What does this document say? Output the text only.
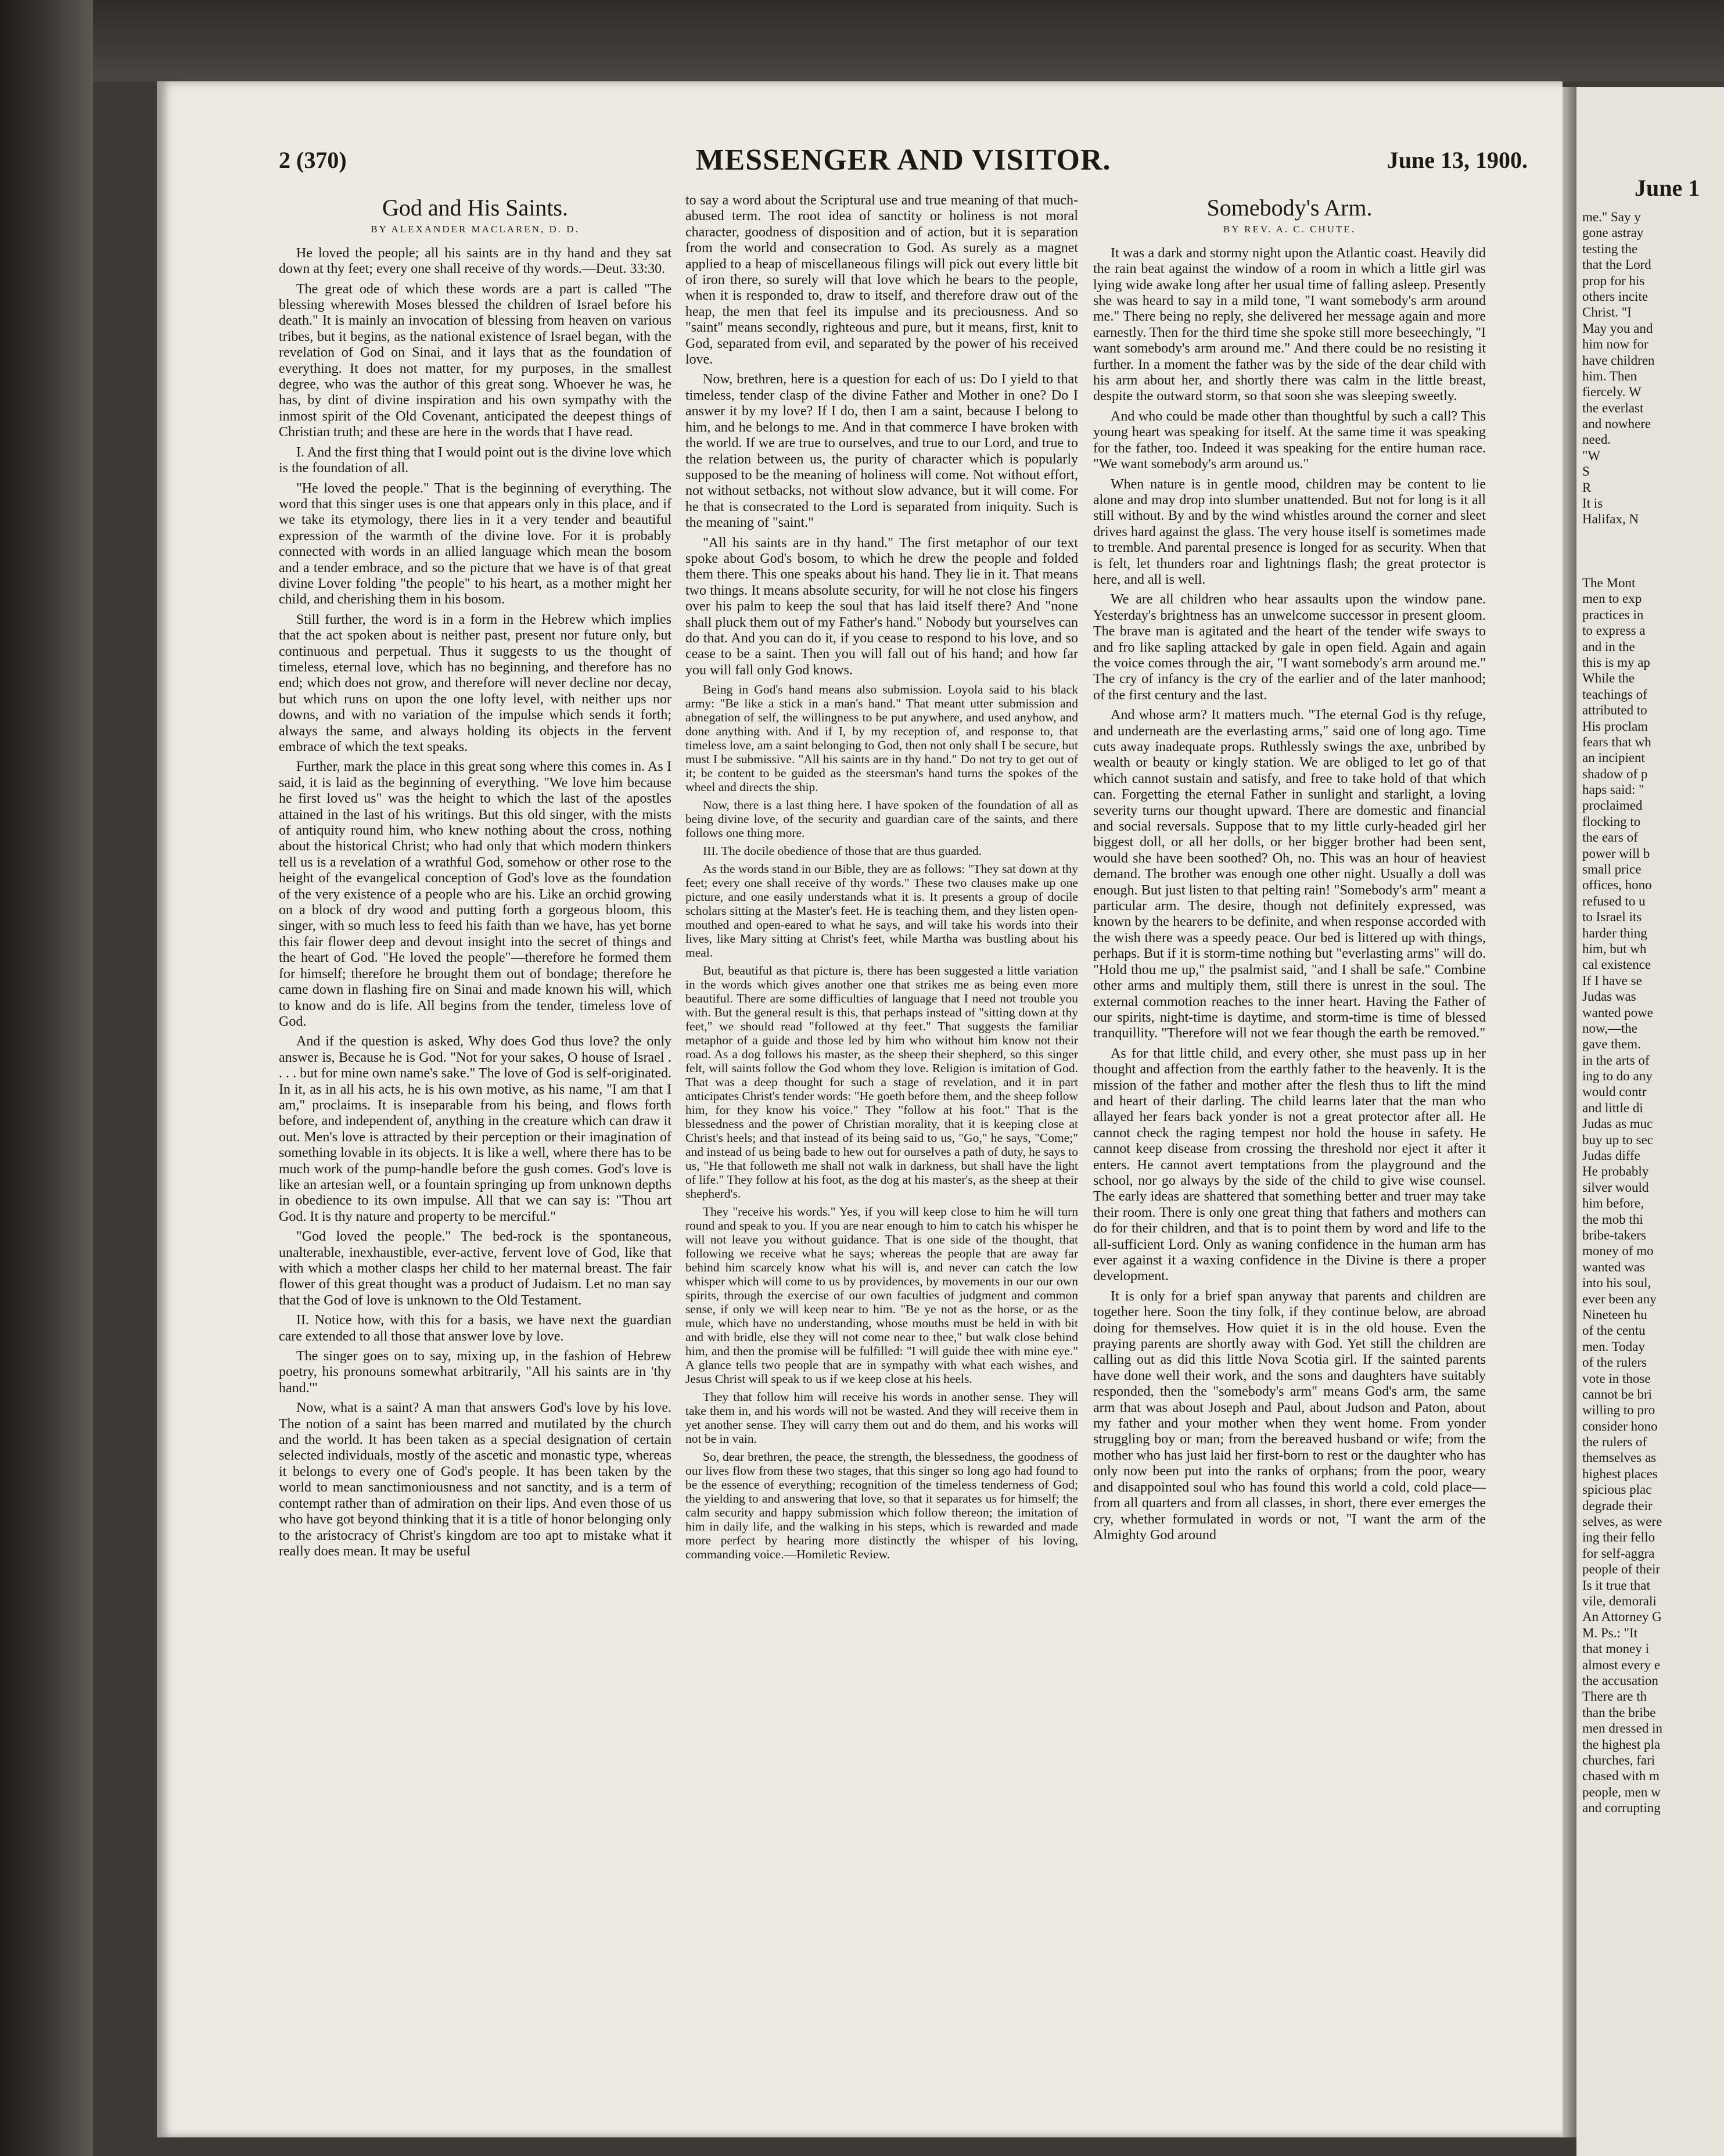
2 (370)	MESSENGER AND VISITOR.	June 13, 1900.
God and His Saints.
BY ALEXANDER MACLAREN, D. D.

He loved the people; all his saints are in thy hand and they sat down at thy feet; every one shall receive of thy words.—Deut. 33:30.

The great ode of which these words are a part is called "The blessing wherewith Moses blessed the children of Israel before his death." It is mainly an invocation of blessing from heaven on various tribes, but it begins, as the national existence of Israel began, with the revelation of God on Sinai, and it lays that as the foundation of everything. It does not matter, for my purposes, in the smallest degree, who was the author of this great song. Whoever he was, he has, by dint of divine inspiration and his own sympathy with the inmost spirit of the Old Covenant, anticipated the deepest things of Christian truth; and these are here in the words that I have read.

I. And the first thing that I would point out is the divine love which is the foundation of all.

"He loved the people." That is the beginning of everything. The word that this singer uses is one that appears only in this place, and if we take its etymology, there lies in it a very tender and beautiful expression of the warmth of the divine love. For it is probably connected with words in an allied language which mean the bosom and a tender embrace, and so the picture that we have is of that great divine Lover folding "the people" to his heart, as a mother might her child, and cherishing them in his bosom.

Still further, the word is in a form in the Hebrew which implies that the act spoken about is neither past, present nor future only, but continuous and perpetual. Thus it suggests to us the thought of timeless, eternal love, which has no beginning, and therefore has no end; which does not grow, and therefore will never decline nor decay, but which runs on upon the one lofty level, with neither ups nor downs, and with no variation of the impulse which sends it forth; always the same, and always holding its objects in the fervent embrace of which the text speaks.

Further, mark the place in this great song where this comes in. As I said, it is laid as the beginning of everything. "We love him because he first loved us" was the height to which the last of the apostles attained in the last of his writings. But this old singer, with the mists of antiquity round him, who knew nothing about the cross, nothing about the historical Christ; who had only that which modern thinkers tell us is a revelation of a wrathful God, somehow or other rose to the height of the evangelical conception of God's love as the foundation of the very existence of a people who are his. Like an orchid growing on a block of dry wood and putting forth a gorgeous bloom, this singer, with so much less to feed his faith than we have, has yet borne this fair flower deep and devout insight into the secret of things and the heart of God. "He loved the people"—therefore he formed them for himself; therefore he brought them out of bondage; therefore he came down in flashing fire on Sinai and made known his will, which to know and do is life. All begins from the tender, timeless love of God.

And if the question is asked, Why does God thus love? the only answer is, Because he is God. "Not for your sakes, O house of Israel . . . . but for mine own name's sake." The love of God is self-originated. In it, as in all his acts, he is his own motive, as his name, "I am that I am," proclaims. It is inseparable from his being, and flows forth before, and independent of, anything in the creature which can draw it out. Men's love is attracted by their perception or their imagination of something lovable in its objects. It is like a well, where there has to be much work of the pump-handle before the gush comes. God's love is like an artesian well, or a fountain springing up from unknown depths in obedience to its own impulse. All that we can say is: "Thou art God. It is thy nature and property to be merciful."

"God loved the people." The bed-rock is the spontaneous, unalterable, inexhaustible, ever-active, fervent love of God, like that with which a mother clasps her child to her maternal breast. The fair flower of this great thought was a product of Judaism. Let no man say that the God of love is unknown to the Old Testament.

II. Notice how, with this for a basis, we have next the guardian care extended to all those that answer love by love.

The singer goes on to say, mixing up, in the fashion of Hebrew poetry, his pronouns somewhat arbitrarily, "All his saints are in 'thy hand.'"

Now, what is a saint? A man that answers God's love by his love. The notion of a saint has been marred and mutilated by the church and the world. It has been taken as a special designation of certain selected individuals, mostly of the ascetic and monastic type, whereas it belongs to every one of God's people. It has been taken by the world to mean sanctimoniousness and not sanctity, and is a term of contempt rather than of admiration on their lips. And even those of us who have got beyond thinking that it is a title of honor belonging only to the aristocracy of Christ's kingdom are too apt to mistake what it really does mean. It may be useful

to say a word about the Scriptural use and true meaning of that much-abused term. The root idea of sanctity or holiness is not moral character, goodness of disposition and of action, but it is separation from the world and consecration to God. As surely as a magnet applied to a heap of miscellaneous filings will pick out every little bit of iron there, so surely will that love which he bears to the people, when it is responded to, draw to itself, and therefore draw out of the heap, the men that feel its impulse and its preciousness. And so "saint" means secondly, righteous and pure, but it means, first, knit to God, separated from evil, and separated by the power of his received love.

Now, brethren, here is a question for each of us: Do I yield to that timeless, tender clasp of the divine Father and Mother in one? Do I answer it by my love? If I do, then I am a saint, because I belong to him, and he belongs to me. And in that commerce I have broken with the world. If we are true to ourselves, and true to our Lord, and true to the relation between us, the purity of character which is popularly supposed to be the meaning of holiness will come. Not without effort, not without setbacks, not without slow advance, but it will come. For he that is consecrated to the Lord is separated from iniquity. Such is the meaning of "saint."

"All his saints are in thy hand." The first metaphor of our text spoke about God's bosom, to which he drew the people and folded them there. This one speaks about his hand. They lie in it. That means two things. It means absolute security, for will he not close his fingers over his palm to keep the soul that has laid itself there? And "none shall pluck them out of my Father's hand." Nobody but yourselves can do that. And you can do it, if you cease to respond to his love, and so cease to be a saint. Then you will fall out of his hand; and how far you will fall only God knows.

Being in God's hand means also submission. Loyola said to his black army: "Be like a stick in a man's hand." That meant utter submission and abnegation of self, the willingness to be put anywhere, and used anyhow, and done anything with. And if I, by my reception of, and response to, that timeless love, am a saint belonging to God, then not only shall I be secure, but must I be submissive. "All his saints are in thy hand." Do not try to get out of it; be content to be guided as the steersman's hand turns the spokes of the wheel and directs the ship.

Now, there is a last thing here. I have spoken of the foundation of all as being divine love, of the security and guardian care of the saints, and there follows one thing more.

III. The docile obedience of those that are thus guarded.

As the words stand in our Bible, they are as follows: "They sat down at thy feet; every one shall receive of thy words." These two clauses make up one picture, and one easily understands what it is. It presents a group of docile scholars sitting at the Master's feet. He is teaching them, and they listen open-mouthed and open-eared to what he says, and will take his words into their lives, like Mary sitting at Christ's feet, while Martha was bustling about his meal.

But, beautiful as that picture is, there has been suggested a little variation in the words which gives another one that strikes me as being even more beautiful. There are some difficulties of language that I need not trouble you with. But the general result is this, that perhaps instead of "sitting down at thy feet," we should read "followed at thy feet." That suggests the familiar metaphor of a guide and those led by him who without him know not their road. As a dog follows his master, as the sheep their shepherd, so this singer felt, will saints follow the God whom they love. Religion is imitation of God. That was a deep thought for such a stage of revelation, and it in part anticipates Christ's tender words: "He goeth before them, and the sheep follow him, for they know his voice." They "follow at his foot." That is the blessedness and the power of Christian morality, that it is keeping close at Christ's heels; and that instead of its being said to us, "Go," he says, "Come;" and instead of us being bade to hew out for ourselves a path of duty, he says to us, "He that followeth me shall not walk in darkness, but shall have the light of life." They follow at his foot, as the dog at his master's, as the sheep at their shepherd's.

They "receive his words." Yes, if you will keep close to him he will turn round and speak to you. If you are near enough to him to catch his whisper he will not leave you without guidance. That is one side of the thought, that following we receive what he says; whereas the people that are away far behind him scarcely know what his will is, and never can catch the low whisper which will come to us by providences, by movements in our our own spirits, through the exercise of our own faculties of judgment and common sense, if only we will keep near to him. "Be ye not as the horse, or as the mule, which have no understanding, whose mouths must be held in with bit and with bridle, else they will not come near to thee," but walk close behind him, and then the promise will be fulfilled: "I will guide thee with mine eye." A glance tells two people that are in sympathy with what each wishes, and Jesus Christ will speak to us if we keep close at his heels.

They that follow him will receive his words in another sense. They will take them in, and his words will not be wasted. And they will receive them in yet another sense. They will carry them out and do them, and his works will not be in vain.

So, dear brethren, the peace, the strength, the blessedness, the goodness of our lives flow from these two stages, that this singer so long ago had found to be the essence of everything; recognition of the timeless tenderness of God; the yielding to and answering that love, so that it separates us for himself; the calm security and happy submission which follow thereon; the imitation of him in daily life, and the walking in his steps, which is rewarded and made more perfect by hearing more distinctly the whisper of his loving, commanding voice.—Homiletic Review.

Somebody's Arm.
BY REV. A. C. CHUTE.

It was a dark and stormy night upon the Atlantic coast. Heavily did the rain beat against the window of a room in which a little girl was lying wide awake long after her usual time of falling asleep. Presently she was heard to say in a mild tone, "I want somebody's arm around me." There being no reply, she delivered her message again and more earnestly. Then for the third time she spoke still more beseechingly, "I want somebody's arm around me." And there could be no resisting it further. In a moment the father was by the side of the dear child with his arm about her, and shortly there was calm in the little breast, despite the outward storm, so that soon she was sleeping sweetly.

And who could be made other than thoughtful by such a call? This young heart was speaking for itself. At the same time it was speaking for the father, too. Indeed it was speaking for the entire human race. "We want somebody's arm around us."

When nature is in gentle mood, children may be content to lie alone and may drop into slumber unattended. But not for long is it all still without. By and by the wind whistles around the corner and sleet drives hard against the glass. The very house itself is sometimes made to tremble. And parental presence is longed for as security. When that is felt, let thunders roar and lightnings flash; the great protector is here, and all is well.

We are all children who hear assaults upon the window pane. Yesterday's brightness has an unwelcome successor in present gloom. The brave man is agitated and the heart of the tender wife sways to and fro like sapling attacked by gale in open field. Again and again the voice comes through the air, "I want somebody's arm around me." The cry of infancy is the cry of the earlier and of the later manhood; of the first century and the last.

And whose arm? It matters much. "The eternal God is thy refuge, and underneath are the everlasting arms," said one of long ago. Time cuts away inadequate props. Ruthlessly swings the axe, unbribed by wealth or beauty or kingly station. We are obliged to let go of that which cannot sustain and satisfy, and free to take hold of that which can. Forgetting the eternal Father in sunlight and starlight, a loving severity turns our thought upward. There are domestic and financial and social reversals. Suppose that to my little curly-headed girl her biggest doll, or all her dolls, or her bigger brother had been sent, would she have been soothed? Oh, no. This was an hour of heaviest demand. The brother was enough one other night. Usually a doll was enough. But just listen to that pelting rain! "Somebody's arm" meant a particular arm. The desire, though not definitely expressed, was known by the hearers to be definite, and when response accorded with the wish there was a speedy peace. Our bed is littered up with things, perhaps. But if it is storm-time nothing but "everlasting arms" will do. "Hold thou me up," the psalmist said, "and I shall be safe." Combine other arms and multiply them, still there is unrest in the soul. The external commotion reaches to the inner heart. Having the Father of our spirits, night-time is daytime, and storm-time is time of blessed tranquillity. "Therefore will not we fear though the earth be removed."

As for that little child, and every other, she must pass up in her thought and affection from the earthly father to the heavenly. It is the mission of the father and mother after the flesh thus to lift the mind and heart of their darling. The child learns later that the man who allayed her fears back yonder is not a great protector after all. He cannot check the raging tempest nor hold the house in safety. He cannot keep disease from crossing the threshold nor eject it after it enters. He cannot avert temptations from the playground and the school, nor go always by the side of the child to give wise counsel. The early ideas are shattered that something better and truer may take their room. There is only one great thing that fathers and mothers can do for their children, and that is to point them by word and life to the all-sufficient Lord. Only as waning confidence in the human arm has ever against it a waxing confidence in the Divine is there a proper development.

It is only for a brief span anyway that parents and children are together here. Soon the tiny folk, if they continue below, are abroad doing for themselves. How quiet it is in the old house. Even the praying parents are shortly away with God. Yet still the children are calling out as did this little Nova Scotia girl. If the sainted parents have done well their work, and the sons and daughters have suitably responded, then the "somebody's arm" means God's arm, the same arm that was about Joseph and Paul, about Judson and Paton, about my father and your mother when they went home. From yonder struggling boy or man; from the bereaved husband or wife; from the mother who has just laid her first-born to rest or the daughter who has only now been put into the ranks of orphans; from the poor, weary and disappointed soul who has found this world a cold, cold place—from all quarters and from all classes, in short, there ever emerges the cry, whether formulated in words or not, "I want the arm of the Almighty God around

June 1
me." Say y
gone astray
testing the
that the Lord
prop for his
others incite
Christ. "I
May you and
him now for
have children
him. Then
fiercely. W
the everlast
and nowhere
need.
"W
S
R
It is
Halifax, N
The Mont
men to exp
practices in
to express a
and in the
this is my ap
While the
teachings of
attributed to
His proclam
fears that wh
an incipient
shadow of p
haps said: "
proclaimed
flocking to
the ears of
power will b
small price
offices, hono
refused to u
to Israel its
harder thing
him, but wh
cal existence
If I have se
Judas was
wanted powe
now,—the
gave them.
in the arts of
ing to do any
would contr
and little di
Judas as muc
buy up to sec
Judas diffe
He probably
silver would
him before,
the mob thi
bribe-takers
money of mo
wanted was
into his soul,
ever been any
Nineteen hu
of the centu
men. Today
of the rulers
vote in those
cannot be bri
willing to pro
consider hono
the rulers of
themselves as
highest places
spicious plac
degrade their
selves, as were
ing their fello
for self-aggra
people of their
Is it true that
vile, demorali
An Attorney G
M. Ps.: "It
that money i
almost every e
the accusation
There are th
than the bribe
men dressed in
the highest pla
churches, fari
chased with m
people, men w
and corrupting
